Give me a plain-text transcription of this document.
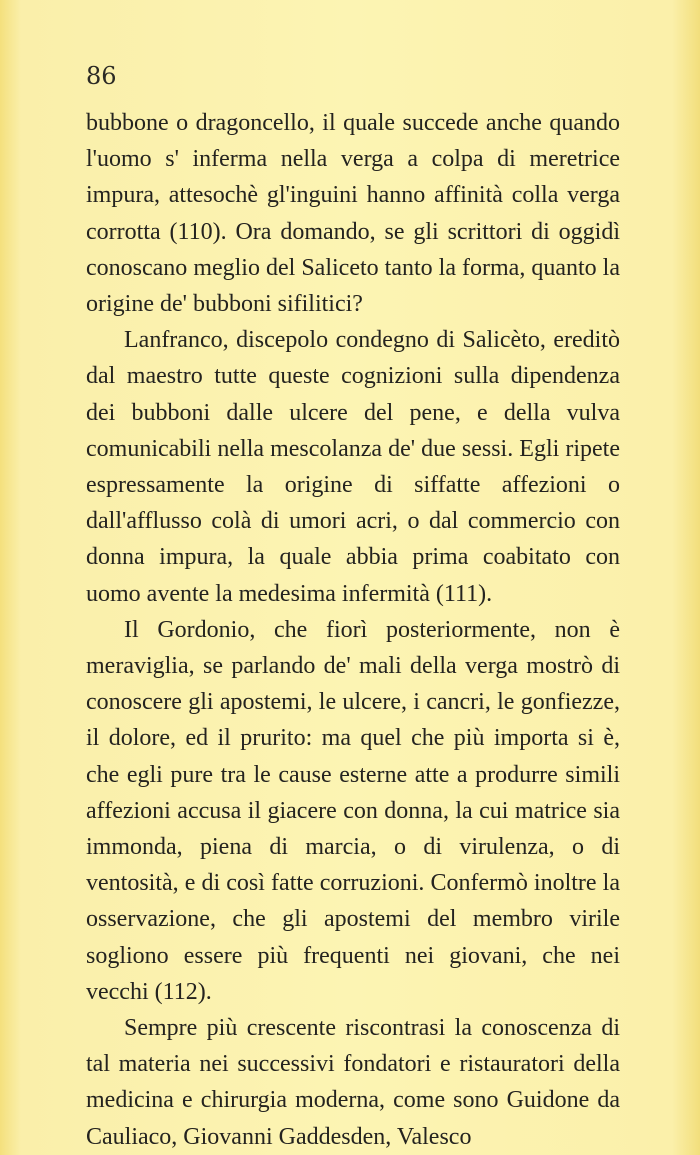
86

bubbone o dragoncello, il quale succede anche quando l'uomo s' inferma nella verga a colpa di meretrice impura, attesochè gl'inguini hanno affinità colla verga corrotta (110). Ora domando, se gli scrittori di oggidì conoscano meglio del Saliceto tanto la forma, quanto la origine de' bubboni sifilitici?

Lanfranco, discepolo condegno di Salicèto, ereditò dal maestro tutte queste cognizioni sulla dipendenza dei bubboni dalle ulcere del pene, e della vulva comunicabili nella mescolanza de' due sessi. Egli ripete espressamente la origine di siffatte affezioni o dall'afflusso colà di umori acri, o dal commercio con donna impura, la quale abbia prima coabitato con uomo avente la medesima infermità (111).

Il Gordonio, che fiorì posteriormente, non è meraviglia, se parlando de' mali della verga mostrò di conoscere gli apostemi, le ulcere, i cancri, le gonfiezze, il dolore, ed il prurito: ma quel che più importa si è, che egli pure tra le cause esterne atte a produrre simili affezioni accusa il giacere con donna, la cui matrice sia immonda, piena di marcia, o di virulenza, o di ventosità, e di così fatte corruzioni. Confermò inoltre la osservazione, che gli apostemi del membro virile sogliono essere più frequenti nei giovani, che nei vecchi (112).

Sempre più crescente riscontrasi la conoscenza di tal materia nei successivi fondatori e ristauratori della medicina e chirurgia moderna, come sono Guidone da Cauliaco, Giovanni Gaddesden, Valesco
